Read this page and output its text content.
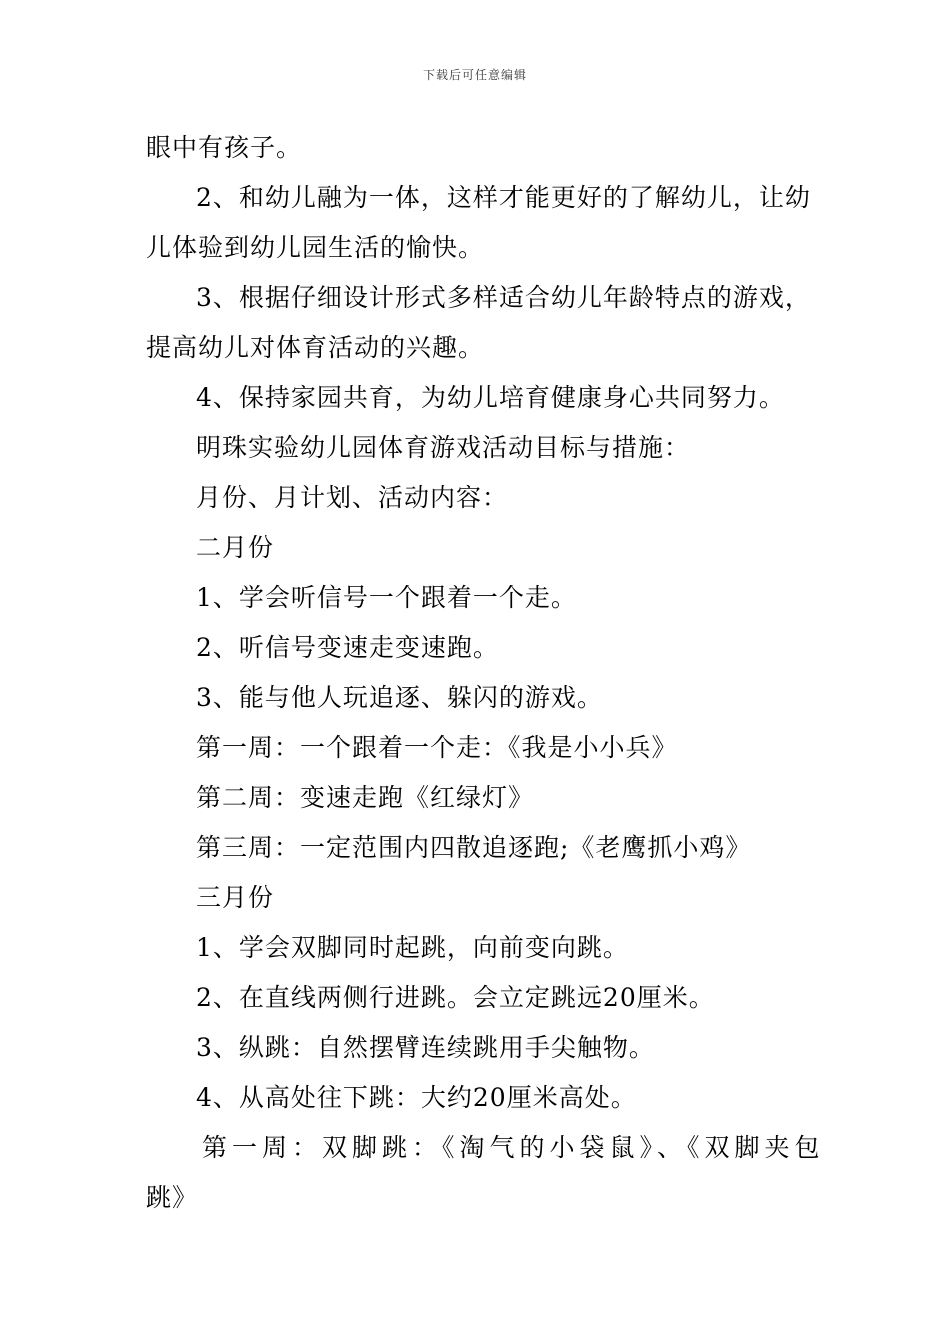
下载后可任意编辑
眼中有孩子。
2、和幼儿融为一体，这样才能更好的了解幼儿，让幼
儿体验到幼儿园生活的愉快。
3、根据仔细设计形式多样适合幼儿年龄特点的游戏，
提高幼儿对体育活动的兴趣。
4、保持家园共育，为幼儿培育健康身心共同努力。
明珠实验幼儿园体育游戏活动目标与措施：
月份、月计划、活动内容：
二月份
1、学会听信号一个跟着一个走。
2、听信号变速走变速跑。
3、能与他人玩追逐、躲闪的游戏。
第一周：一个跟着一个走：《我是小小兵》
第二周：变速走跑《红绿灯》
第三周：一定范围内四散追逐跑;《老鹰抓小鸡》
三月份
1、学会双脚同时起跳，向前变向跳。
2、在直线两侧行进跳。会立定跳远20厘米。
3、纵跳：自然摆臂连续跳用手尖触物。
4、从高处往下跳：大约20厘米高处。
第一周：双脚跳：《淘气的小袋鼠》、《双脚夹包
跳》
